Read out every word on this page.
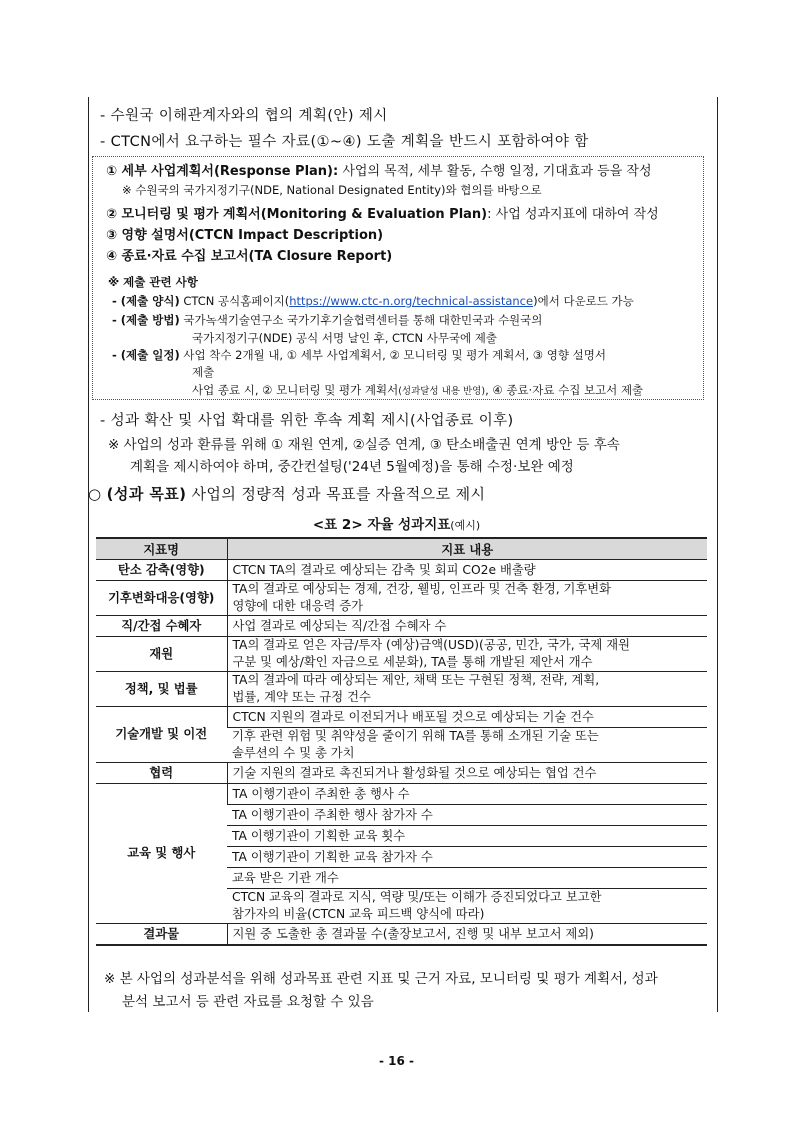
- 수원국 이해관계자와의 협의 계획(안) 제시
- CTCN에서 요구하는 필수 자료(①~④) 도출 계획을 반드시 포함하여야 함
① 세부 사업계획서(Response Plan): 사업의 목적, 세부 활동, 수행 일정, 기대효과 등을 작성
※ 수원국의 국가지정기구(NDE, National Designated Entity)와 협의를 바탕으로
② 모니터링 및 평가 계획서(Monitoring & Evaluation Plan): 사업 성과지표에 대하여 작성
③ 영향 설명서(CTCN Impact Description)
④ 종료·자료 수집 보고서(TA Closure Report)
※ 제출 관련 사항
- (제출 양식) CTCN 공식홈페이지(https://www.ctc-n.org/technical-assistance)에서 다운로드 가능
- (제출 방법) 국가녹색기술연구소 국가기후기술협력센터를 통해 대한민국과 수원국의
국가지정기구(NDE) 공식 서명 날인 후, CTCN 사무국에 제출
- (제출 일정) 사업 착수 2개월 내, ① 세부 사업계획서, ② 모니터링 및 평가 계획서, ③ 영향 설명서
제출
사업 종료 시, ② 모니터링 및 평가 계획서(성과달성 내용 반영), ④ 종료·자료 수집 보고서 제출
- 성과 확산 및 사업 확대를 위한 후속 계획 제시(사업종료 이후)
※ 사업의 성과 환류를 위해 ① 재원 연계, ②실증 연계, ③ 탄소배출권 연계 방안 등 후속
계획을 제시하여야 하며, 중간컨설팅('24년 5월예정)을 통해 수정·보완 예정
○ (성과 목표) 사업의 정량적 성과 목표를 자율적으로 제시
<표 2> 자율 성과지표(예시)
지표명	지표 내용
탄소 감축(영향)	CTCN TA의 결과로 예상되는 감축 및 회피 CO2e 배출량

기후변화대응(영향)	TA의 결과로 예상되는 경제, 건강, 웰빙, 인프라 및 건축 환경, 기후변화
영향에 대한 대응력 증가

직/간접 수혜자	사업 결과로 예상되는 직/간접 수혜자 수

재원	TA의 결과로 얻은 자금/투자 (예상)금액(USD)(공공, 민간, 국가, 국제 재원
구분 및 예상/확인 자금으로 세분화), TA를 통해 개발된 제안서 개수

정책, 및 법률	TA의 결과에 따라 예상되는 제안, 채택 또는 구현된 정책, 전략, 계획,
법률, 계약 또는 규정 건수

기술개발 및 이전	CTCN 지원의 결과로 이전되거나 배포될 것으로 예상되는 기술 건수

	기후 관련 위험 및 취약성을 줄이기 위해 TA를 통해 소개된 기술 또는
솔루션의 수 및 총 가치

협력	기술 지원의 결과로 촉진되거나 활성화될 것으로 예상되는 협업 건수

교육 및 행사	TA 이행기관이 주최한 총 행사 수

	TA 이행기관이 주최한 행사 참가자 수

	TA 이행기관이 기획한 교육 횟수

	TA 이행기관이 기획한 교육 참가자 수

	교육 받은 기관 개수

	CTCN 교육의 결과로 지식, 역량 및/또는 이해가 증진되었다고 보고한
참가자의 비율(CTCN 교육 피드백 양식에 따라)

결과물	지원 중 도출한 총 결과물 수(출장보고서, 진행 및 내부 보고서 제외)
※ 본 사업의 성과분석을 위해 성과목표 관련 지표 및 근거 자료, 모니터링 및 평가 계획서, 성과
분석 보고서 등 관련 자료를 요청할 수 있음
- 16 -
